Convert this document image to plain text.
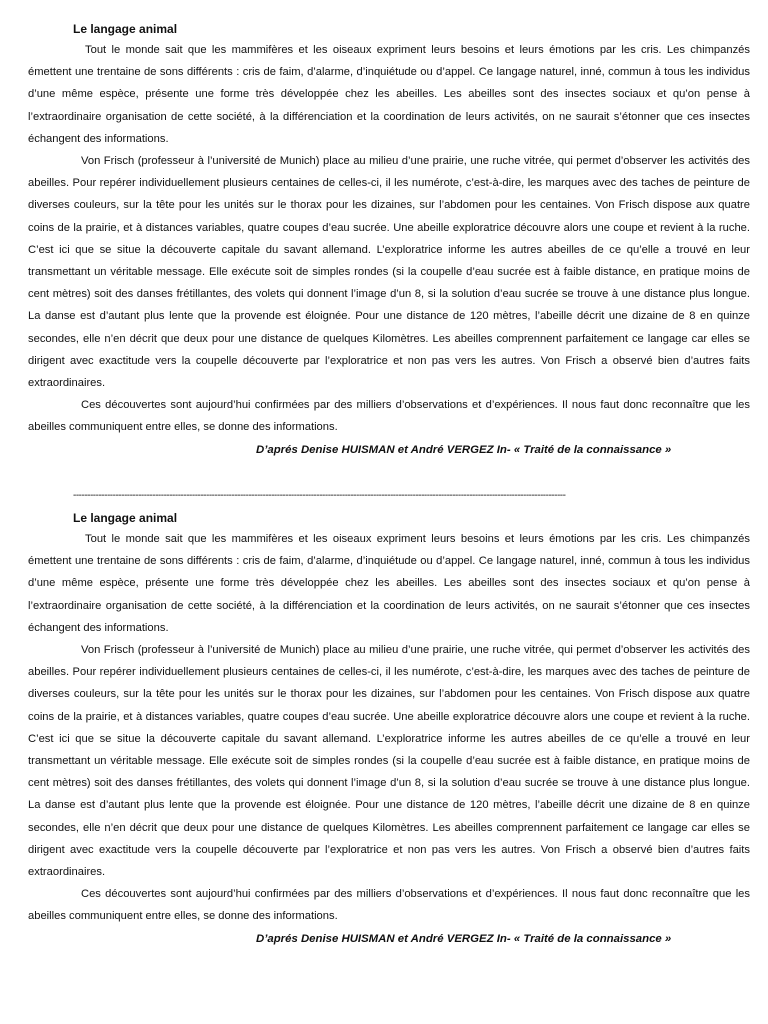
Le langage animal

Tout le monde sait que les mammifères et les oiseaux expriment leurs besoins et leurs émotions par les cris. Les chimpanzés émettent une trentaine de sons différents : cris de faim, d’alarme, d’inquiétude ou d’appel. Ce langage naturel, inné, commun à tous les individus d’une même espèce, présente une forme très développée chez les abeilles. Les abeilles sont des insectes sociaux et qu’on pense à l’extraordinaire organisation de cette société, à la différenciation et la coordination de leurs activités, on ne saurait s’étonner que ces insectes échangent des informations.

Von Frisch (professeur à l’université de Munich) place au milieu d’une prairie, une ruche vitrée, qui permet d’observer les activités des abeilles. Pour repérer individuellement plusieurs centaines de celles-ci, il les numérote, c’est-à-dire, les marques avec des taches de peinture de diverses couleurs, sur la tête pour les unités sur le thorax pour les dizaines, sur l’abdomen pour les centaines. Von Frisch dispose aux quatre coins de la prairie, et à distances variables, quatre coupes d’eau sucrée. Une abeille exploratrice découvre alors une coupe et revient à la ruche. C’est ici que se situe la découverte capitale du savant allemand. L’exploratrice informe les autres abeilles de ce qu’elle a trouvé en leur transmettant un véritable message. Elle exécute soit de simples rondes (si la coupelle d’eau sucrée est à faible distance, en pratique moins de cent mètres) soit des danses frétillantes, des volets qui donnent l’image d’un 8, si la solution d’eau sucrée se trouve à une distance plus longue. La danse est d’autant plus lente que la provende est éloignée. Pour une distance de 120 mètres, l’abeille décrit une dizaine de 8 en quinze secondes, elle n’en décrit que deux pour une distance de quelques Kilomètres. Les abeilles comprennent parfaitement ce langage car elles se dirigent avec exactitude vers la coupelle découverte par l’exploratrice et non pas vers les autres. Von Frisch a observé bien d’autres faits extraordinaires.

Ces découvertes sont aujourd’hui confirmées par des milliers d’observations et d’expériences. Il nous faut donc reconnaître que les abeilles communiquent entre elles, se donne des informations.

D’aprés Denise HUISMAN et André VERGEZ In- « Traité de la connaissance »
------------------------------------------------------------------------------------------------------------------------------------------------------------------------------
Le langage animal

Tout le monde sait que les mammifères et les oiseaux expriment leurs besoins et leurs émotions par les cris. Les chimpanzés émettent une trentaine de sons différents : cris de faim, d’alarme, d’inquiétude ou d’appel. Ce langage naturel, inné, commun à tous les individus d’une même espèce, présente une forme très développée chez les abeilles. Les abeilles sont des insectes sociaux et qu’on pense à l’extraordinaire organisation de cette société, à la différenciation et la coordination de leurs activités, on ne saurait s’étonner que ces insectes échangent des informations.

Von Frisch (professeur à l’université de Munich) place au milieu d’une prairie, une ruche vitrée, qui permet d’observer les activités des abeilles. Pour repérer individuellement plusieurs centaines de celles-ci, il les numérote, c’est-à-dire, les marques avec des taches de peinture de diverses couleurs, sur la tête pour les unités sur le thorax pour les dizaines, sur l’abdomen pour les centaines. Von Frisch dispose aux quatre coins de la prairie, et à distances variables, quatre coupes d’eau sucrée. Une abeille exploratrice découvre alors une coupe et revient à la ruche. C’est ici que se situe la découverte capitale du savant allemand. L’exploratrice informe les autres abeilles de ce qu’elle a trouvé en leur transmettant un véritable message. Elle exécute soit de simples rondes (si la coupelle d’eau sucrée est à faible distance, en pratique moins de cent mètres) soit des danses frétillantes, des volets qui donnent l’image d’un 8, si la solution d’eau sucrée se trouve à une distance plus longue. La danse est d’autant plus lente que la provende est éloignée. Pour une distance de 120 mètres, l’abeille décrit une dizaine de 8 en quinze secondes, elle n’en décrit que deux pour une distance de quelques Kilomètres. Les abeilles comprennent parfaitement ce langage car elles se dirigent avec exactitude vers la coupelle découverte par l’exploratrice et non pas vers les autres. Von Frisch a observé bien d’autres faits extraordinaires.

Ces découvertes sont aujourd’hui confirmées par des milliers d’observations et d’expériences. Il nous faut donc reconnaître que les abeilles communiquent entre elles, se donne des informations.

D’aprés Denise HUISMAN et André VERGEZ In- « Traité de la connaissance »
